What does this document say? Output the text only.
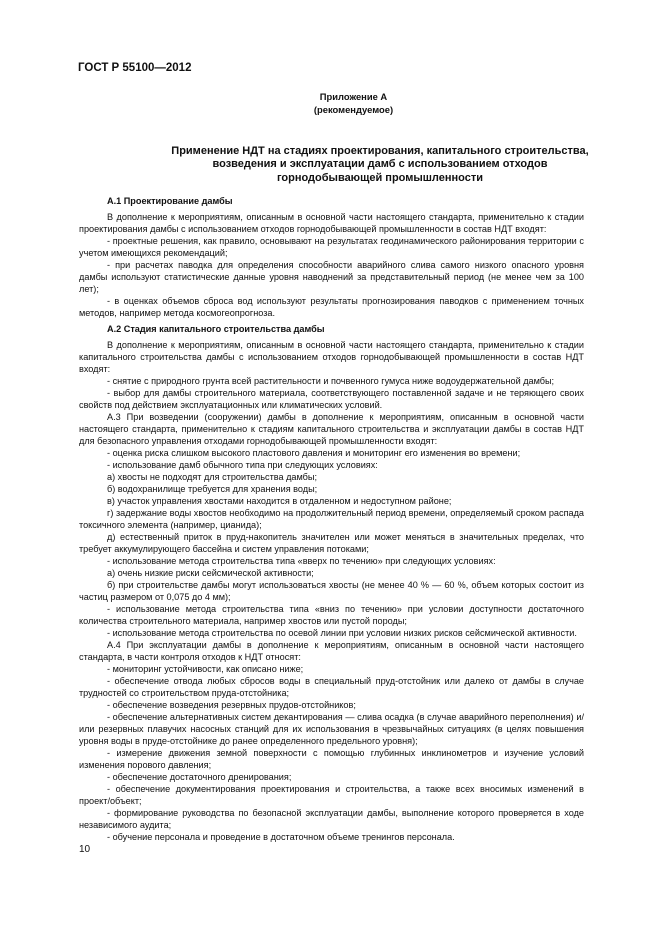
ГОСТ Р 55100—2012
Приложение А
(рекомендуемое)
Применение НДТ на стадиях проектирования, капитального строительства,
возведения и эксплуатации дамб с использованием отходов
горнодобывающей промышленности
А.1 Проектирование дамбы
В дополнение к мероприятиям, описанным в основной части настоящего стандарта, применительно к стадии проектирования дамбы с использованием отходов горнодобывающей промышленности в состав НДТ входят:
- проектные решения, как правило, основывают на результатах геодинамического районирования территории с учетом имеющихся рекомендаций;
- при расчетах паводка для определения способности аварийного слива самого низкого опасного уровня дамбы используют статистические данные уровня наводнений за представительный период (не менее чем за 100 лет);
- в оценках объемов сброса вод используют результаты прогнозирования паводков с применением точных методов, например метода космогеопрогноза.
А.2 Стадия капитального строительства дамбы
В дополнение к мероприятиям, описанным в основной части настоящего стандарта, применительно к стадии капитального строительства дамбы с использованием отходов горнодобывающей промышленности в состав НДТ входят:
- снятие с природного грунта всей растительности и почвенного гумуса ниже водоудержательной дамбы;
- выбор для дамбы строительного материала, соответствующего поставленной задаче и не теряющего своих свойств под действием эксплуатационных или климатических условий.
А.3 При возведении (сооружении) дамбы в дополнение к мероприятиям, описанным в основной части настоящего стандарта, применительно к стадиям капитального строительства и эксплуатации дамбы в состав НДТ для безопасного управления отходами горнодобывающей промышленности входят:
- оценка риска слишком высокого пластового давления и мониторинг его изменения во времени;
- использование дамб обычного типа при следующих условиях:
а) хвосты не подходят для строительства дамбы;
б) водохранилище требуется для хранения воды;
в) участок управления хвостами находится в отдаленном и недоступном районе;
г) задержание воды хвостов необходимо на продолжительный период времени, определяемый сроком распада токсичного элемента (например, цианида);
д) естественный приток в пруд-накопитель значителен или может меняться в значительных пределах, что требует аккумулирующего бассейна и систем управления потоками;
- использование метода строительства типа «вверх по течению» при следующих условиях:
а) очень низкие риски сейсмической активности;
б) при строительстве дамбы могут использоваться хвосты (не менее 40 % — 60 %, объем которых состоит из частиц размером от 0,075 до 4 мм);
- использование метода строительства типа «вниз по течению» при условии доступности достаточного количества строительного материала, например хвостов или пустой породы;
- использование метода строительства по осевой линии при условии низких рисков сейсмической активности.
А.4 При эксплуатации дамбы в дополнение к мероприятиям, описанным в основной части настоящего стандарта, в части контроля отходов к НДТ относят:
- мониторинг устойчивости, как описано ниже;
- обеспечение отвода любых сбросов воды в специальный пруд-отстойник или далеко от дамбы в случае трудностей со строительством пруда-отстойника;
- обеспечение возведения резервных прудов-отстойников;
- обеспечение альтернативных систем декантирования — слива осадка (в случае аварийного переполнения) и/или резервных плавучих насосных станций для их использования в чрезвычайных ситуациях (в целях повышения уровня воды в пруде-отстойнике до ранее определенного предельного уровня);
- измерение движения земной поверхности с помощью глубинных инклинометров и изучение условий изменения порового давления;
- обеспечение достаточного дренирования;
- обеспечение документирования проектирования и строительства, а также всех вносимых изменений в проект/объект;
- формирование руководства по безопасной эксплуатации дамбы, выполнение которого проверяется в ходе независимого аудита;
- обучение персонала и проведение в достаточном объеме тренингов персонала.
10
